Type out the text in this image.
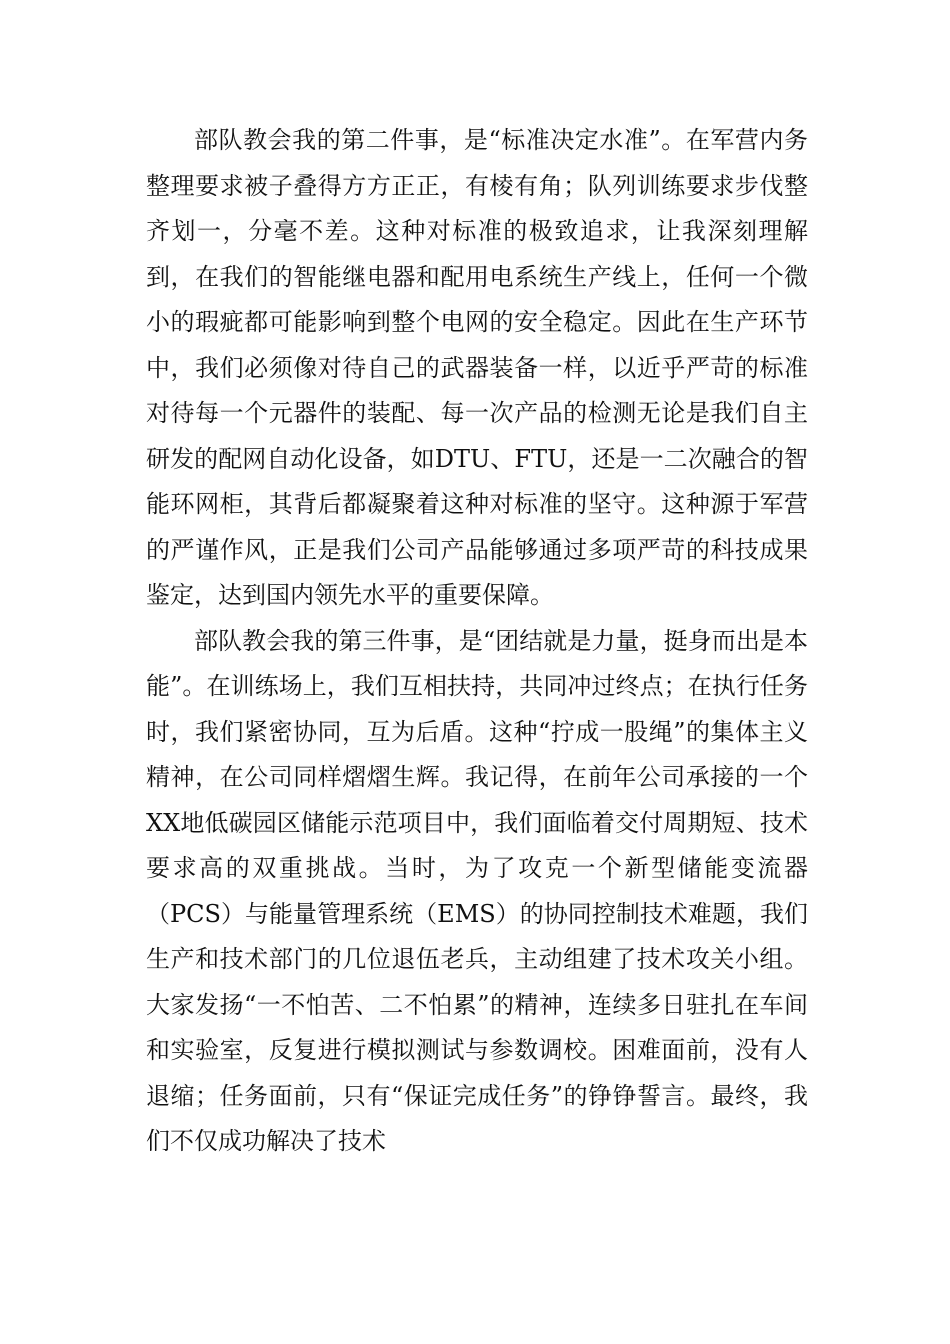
部队教会我的第二件事，是“标准决定水准”。在军营内务整理要求被子叠得方方正正，有棱有角；队列训练要求步伐整齐划一，分毫不差。这种对标准的极致追求，让我深刻理解到，在我们的智能继电器和配用电系统生产线上，任何一个微小的瑕疵都可能影响到整个电网的安全稳定。因此在生产环节中，我们必须像对待自己的武器装备一样，以近乎严苛的标准对待每一个元器件的装配、每一次产品的检测无论是我们自主研发的配网自动化设备，如DTU、FTU，还是一二次融合的智能环网柜，其背后都凝聚着这种对标准的坚守。这种源于军营的严谨作风，正是我们公司产品能够通过多项严苛的科技成果鉴定，达到国内领先水平的重要保障。

部队教会我的第三件事，是“团结就是力量，挺身而出是本能”。在训练场上，我们互相扶持，共同冲过终点；在执行任务时，我们紧密协同，互为后盾。这种“拧成一股绳”的集体主义精神，在公司同样熠熠生辉。我记得，在前年公司承接的一个XX地低碳园区储能示范项目中，我们面临着交付周期短、技术要求高的双重挑战。当时，为了攻克一个新型储能变流器（PCS）与能量管理系统（EMS）的协同控制技术难题，我们生产和技术部门的几位退伍老兵，主动组建了技术攻关小组。大家发扬“一不怕苦、二不怕累”的精神，连续多日驻扎在车间和实验室，反复进行模拟测试与参数调校。困难面前，没有人退缩；任务面前，只有“保证完成任务”的铮铮誓言。最终，我们不仅成功解决了技术
